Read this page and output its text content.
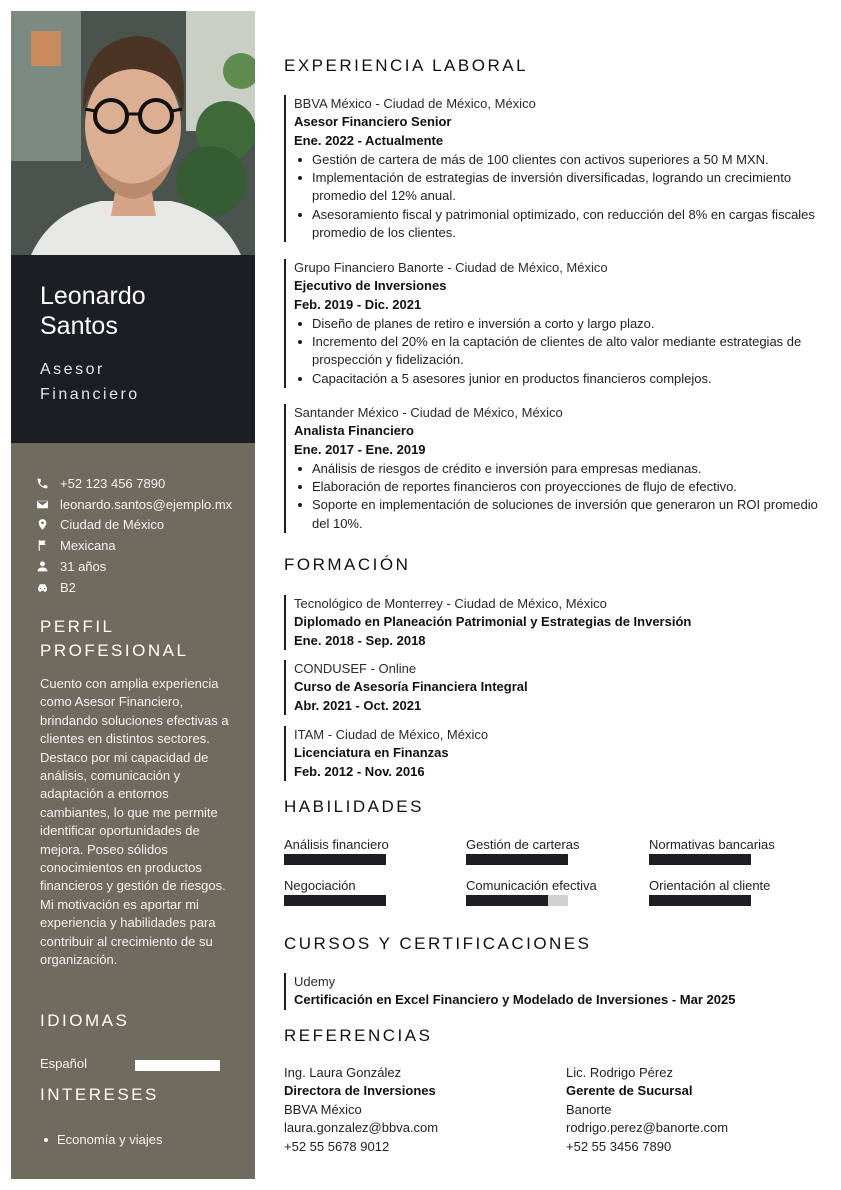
Leonardo
Santos
Asesor
Financiero
+52 123 456 7890
leonardo.santos@ejemplo.mx
Ciudad de México
Mexicana
31 años
B2
PERFIL
PROFESIONAL
Cuento con amplia experiencia como Asesor Financiero, brindando soluciones efectivas a clientes en distintos sectores. Destaco por mi capacidad de análisis, comunicación y adaptación a entornos cambiantes, lo que me permite identificar oportunidades de mejora. Poseo sólidos conocimientos en productos financieros y gestión de riesgos. Mi motivación es aportar mi experiencia y habilidades para contribuir al crecimiento de su organización.
IDIOMAS
Español
INTERESES
Economía y viajes
EXPERIENCIA LABORAL
BBVA México - Ciudad de México, México
Asesor Financiero Senior
Ene. 2022 - Actualmente
Gestión de cartera de más de 100 clientes con activos superiores a 50 M MXN.
Implementación de estrategias de inversión diversificadas, logrando un crecimiento promedio del 12% anual.
Asesoramiento fiscal y patrimonial optimizado, con reducción del 8% en cargas fiscales promedio de los clientes.
Grupo Financiero Banorte - Ciudad de México, México
Ejecutivo de Inversiones
Feb. 2019 - Dic. 2021
Diseño de planes de retiro e inversión a corto y largo plazo.
Incremento del 20% en la captación de clientes de alto valor mediante estrategias de prospección y fidelización.
Capacitación a 5 asesores junior en productos financieros complejos.
Santander México - Ciudad de México, México
Analista Financiero
Ene. 2017 - Ene. 2019
Análisis de riesgos de crédito e inversión para empresas medianas.
Elaboración de reportes financieros con proyecciones de flujo de efectivo.
Soporte en implementación de soluciones de inversión que generaron un ROI promedio del 10%.
FORMACIÓN
Tecnológico de Monterrey - Ciudad de México, México
Diplomado en Planeación Patrimonial y Estrategias de Inversión
Ene. 2018 - Sep. 2018
CONDUSEF - Online
Curso de Asesoría Financiera Integral
Abr. 2021 - Oct. 2021
ITAM - Ciudad de México, México
Licenciatura en Finanzas
Feb. 2012 - Nov. 2016
HABILIDADES
Análisis financiero	Gestión de carteras	Normativas bancarias
Negociación	Comunicación efectiva	Orientación al cliente
CURSOS Y CERTIFICACIONES
Udemy
Certificación en Excel Financiero y Modelado de Inversiones - Mar 2025
REFERENCIAS
Ing. Laura González
Directora de Inversiones
BBVA México
laura.gonzalez@bbva.com
+52 55 5678 9012
Lic. Rodrigo Pérez
Gerente de Sucursal
Banorte
rodrigo.perez@banorte.com
+52 55 3456 7890
